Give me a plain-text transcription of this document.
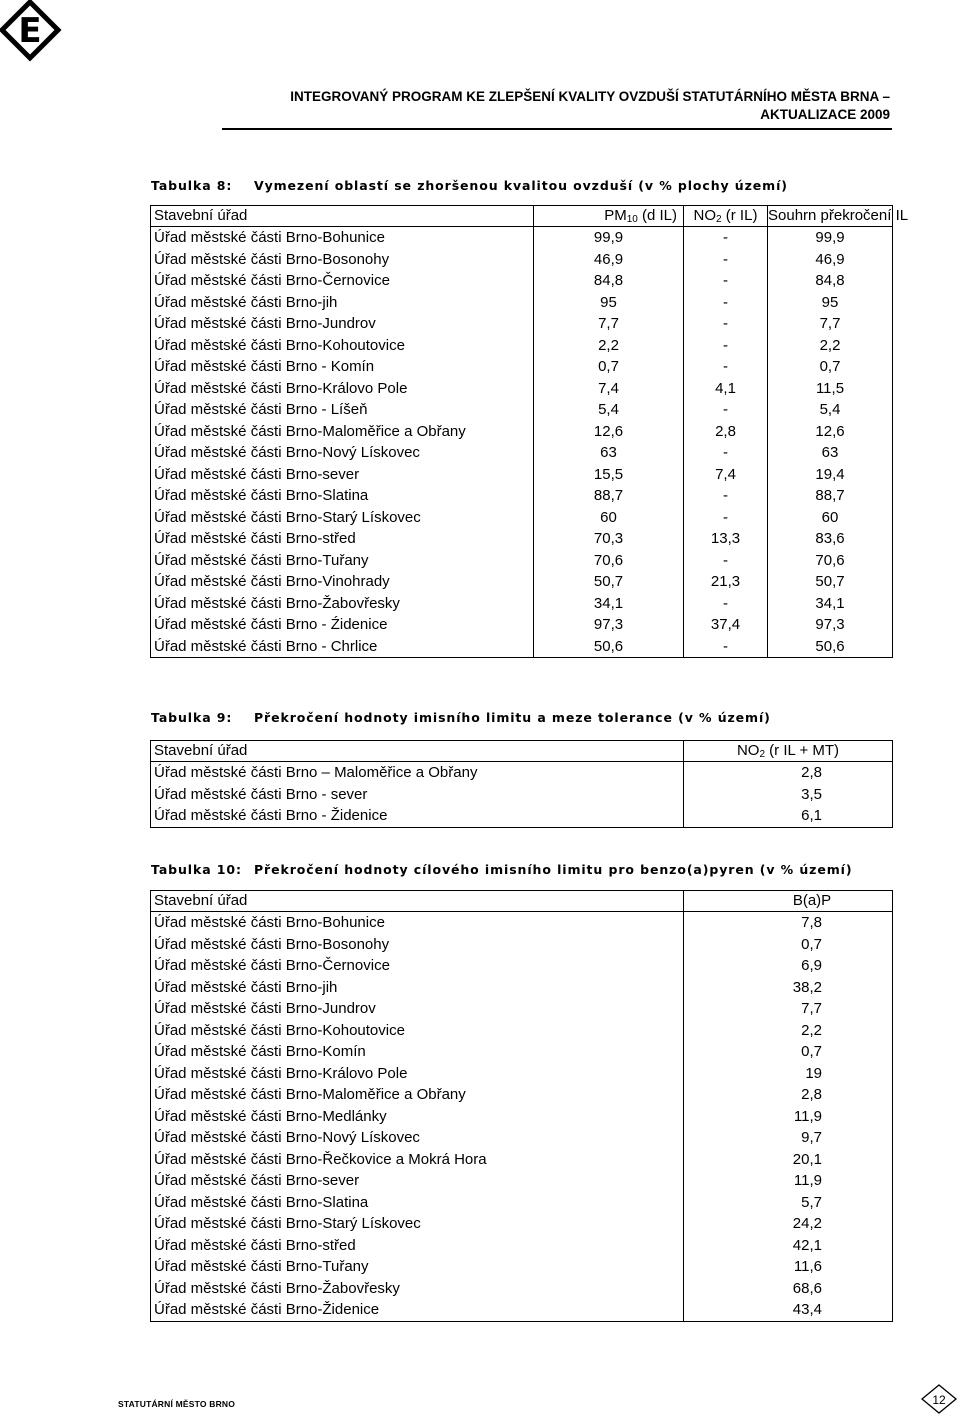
E
INTEGROVANÝ PROGRAM KE ZLEPŠENÍ KVALITY OVZDUŠÍ STATUTÁRNÍHO MĚSTA BRNA –
AKTUALIZACE 2009
Tabulka 8: Vymezení oblastí se zhoršenou kvalitou ovzduší (v % plochy území)
Stavební úřad	$PM_{10}$ (d IL)	$NO_2$ (r IL)	Souhrn překročení IL
Úřad městské části Brno-Bohunice	99,9	-	99,9
Úřad městské části Brno-Bosonohy	46,9	-	46,9
Úřad městské části Brno-Černovice	84,8	-	84,8
Úřad městské části Brno-jih	95	-	95
Úřad městské části Brno-Jundrov	7,7	-	7,7
Úřad městské části Brno-Kohoutovice	2,2	-	2,2
Úřad městské části Brno - Komín	0,7	-	0,7
Úřad městské části Brno-Královo Pole	7,4	4,1	11,5
Úřad městské části Brno - Líšeň	5,4	-	5,4
Úřad městské části Brno-Maloměřice a Obřany	12,6	2,8	12,6
Úřad městské části Brno-Nový Lískovec	63	-	63
Úřad městské části Brno-sever	15,5	7,4	19,4
Úřad městské části Brno-Slatina	88,7	-	88,7
Úřad městské části Brno-Starý Lískovec	60	-	60
Úřad městské části Brno-střed	70,3	13,3	83,6
Úřad městské části Brno-Tuřany	70,6	-	70,6
Úřad městské části Brno-Vinohrady	50,7	21,3	50,7
Úřad městské části Brno-Žabovřesky	34,1	-	34,1
Úřad městské části Brno - Źidenice	97,3	37,4	97,3
Úřad městské části Brno - Chrlice	50,6	-	50,6
Tabulka 9: Překročení hodnoty imisního limitu a meze tolerance (v % území)
Stavební úřad	$NO_2$ (r IL + MT)
Úřad městské části Brno – Maloměřice a Obřany	2,8
Úřad městské části Brno - sever	3,5
Úřad městské části Brno - Židenice	6,1
Tabulka 10: Překročení hodnoty cílového imisního limitu pro benzo(a)pyren (v % území)
Stavební úřad	B(a)P
Úřad městské části Brno-Bohunice	7,8
Úřad městské části Brno-Bosonohy	0,7
Úřad městské části Brno-Černovice	6,9
Úřad městské části Brno-jih	38,2
Úřad městské části Brno-Jundrov	7,7
Úřad městské části Brno-Kohoutovice	2,2
Úřad městské části Brno-Komín	0,7
Úřad městské části Brno-Královo Pole	19
Úřad městské části Brno-Maloměřice a Obřany	2,8
Úřad městské části Brno-Medlánky	11,9
Úřad městské části Brno-Nový Lískovec	9,7
Úřad městské části Brno-Řečkovice a Mokrá Hora	20,1
Úřad městské části Brno-sever	11,9
Úřad městské části Brno-Slatina	5,7
Úřad městské části Brno-Starý Lískovec	24,2
Úřad městské části Brno-střed	42,1
Úřad městské části Brno-Tuřany	11,6
Úřad městské části Brno-Žabovřesky	68,6
Úřad městské části Brno-Židenice	43,4
STATUTÁRNÍ MĚSTO BRNO	12
